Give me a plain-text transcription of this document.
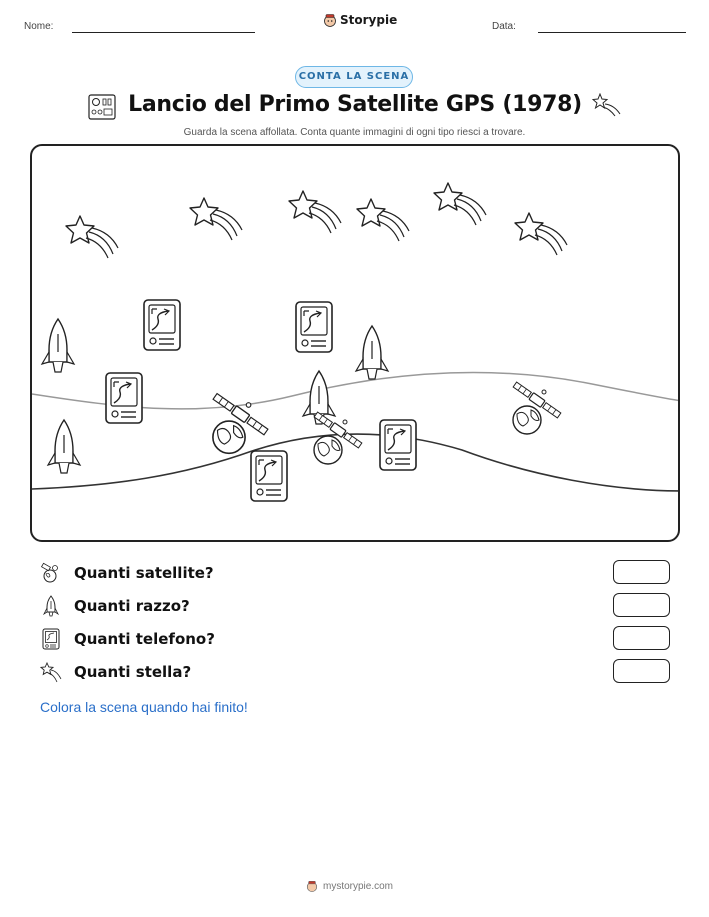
Nome:	Storypie	Data:
CONTA LA SCENA
Lancio del Primo Satellite GPS (1978)
Guarda la scena affollata. Conta quante immagini di ogni tipo riesci a trovare.
Quanti satellite?
Quanti razzo?
Quanti telefono?
Quanti stella?
Colora la scena quando hai finito!
mystorypie.com
